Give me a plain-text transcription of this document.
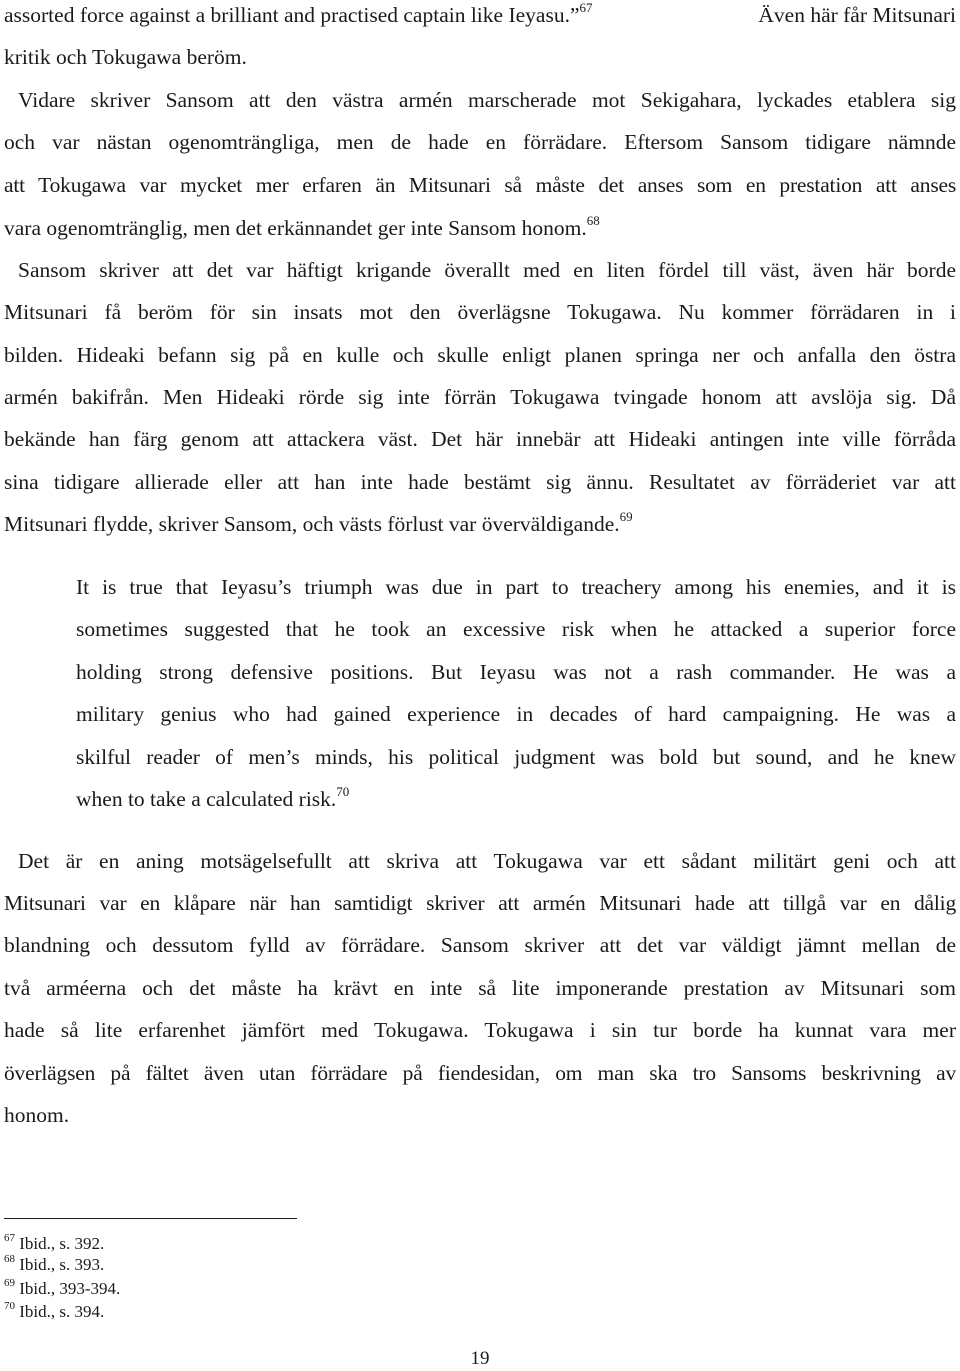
assorted force against a brilliant and practised captain like Ieyasu.”$^{67}$	Även här får Mitsunari
kritik och Tokugawa beröm.
Vidare skriver Sansom att den västra armén marscherade mot Sekigahara, lyckades etablera sig
och var nästan ogenomträngliga, men de hade en förrädare. Eftersom Sansom tidigare nämnde
att Tokugawa var mycket mer erfaren än Mitsunari så måste det anses som en prestation att anses
vara ogenomtränglig, men det erkännandet ger inte Sansom honom.$^{68}$
Sansom skriver att det var häftigt krigande överallt med en liten fördel till väst, även här borde
Mitsunari få beröm för sin insats mot den överlägsne Tokugawa. Nu kommer förrädaren in i
bilden. Hideaki befann sig på en kulle och skulle enligt planen springa ner och anfalla den östra
armén bakifrån. Men Hideaki rörde sig inte förrän Tokugawa tvingade honom att avslöja sig. Då
bekände han färg genom att attackera väst. Det här innebär att Hideaki antingen inte ville förråda
sina tidigare allierade eller att han inte hade bestämt sig ännu. Resultatet av förräderiet var att
Mitsunari flydde, skriver Sansom, och västs förlust var överväldigande.$^{69}$
It is true that Ieyasu’s triumph was due in part to treachery among his enemies, and it is
sometimes suggested that he took an excessive risk when he attacked a superior force
holding strong defensive positions. But Ieyasu was not a rash commander. He was a
military genius who had gained experience in decades of hard campaigning. He was a
skilful reader of men’s minds, his political judgment was bold but sound, and he knew
when to take a calculated risk.$^{70}$
Det är en aning motsägelsefullt att skriva att Tokugawa var ett sådant militärt geni och att
Mitsunari var en klåpare när han samtidigt skriver att armén Mitsunari hade att tillgå var en dålig
blandning och dessutom fylld av förrädare. Sansom skriver att det var väldigt jämnt mellan de
två arméerna och det måste ha krävt en inte så lite imponerande prestation av Mitsunari som
hade så lite erfarenhet jämfört med Tokugawa. Tokugawa i sin tur borde ha kunnat vara mer
överlägsen på fältet även utan förrädare på fiendesidan, om man ska tro Sansoms beskrivning av
honom.
$^{67}$ Ibid., s. 392.
$^{68}$ Ibid., s. 393.
$^{69}$ Ibid., 393-394.
$^{70}$ Ibid., s. 394.
19
